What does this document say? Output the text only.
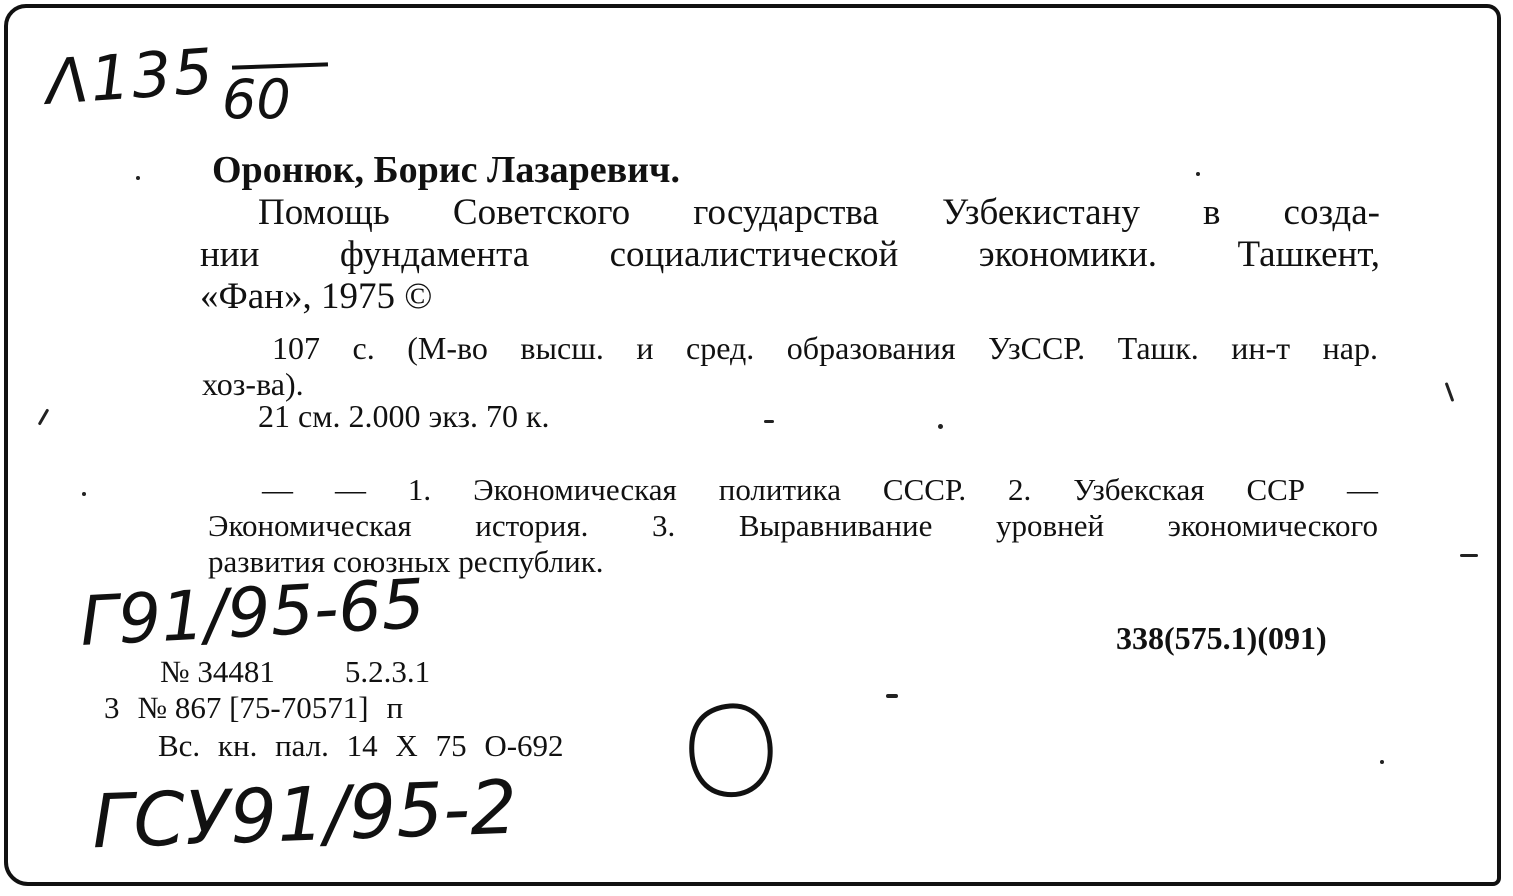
Λ135 60
Оронюк, Борис Лазаревич.
Помощь Советского государства Узбекистану в созда-
нии фундамента социалистической экономики. Ташкент,
«Фан», 1975 ©
107 с. (М-во высш. и сред. образования УзССР. Ташк. ин-т нар.
хоз-ва).
21 см. 2.000 экз. 70 к.
— — 1. Экономическая политика СССР. 2. Узбекская ССР —
Экономическая история. 3. Выравнивание уровней экономического
развития союзных республик.
Г91/95-65	338(575.1)(091)
№ 34481 5.2.3.1
3 № 867 [75-70571] п
Вс. кн. пал. 14 X 75 О-692
ГСУ91/95-2
